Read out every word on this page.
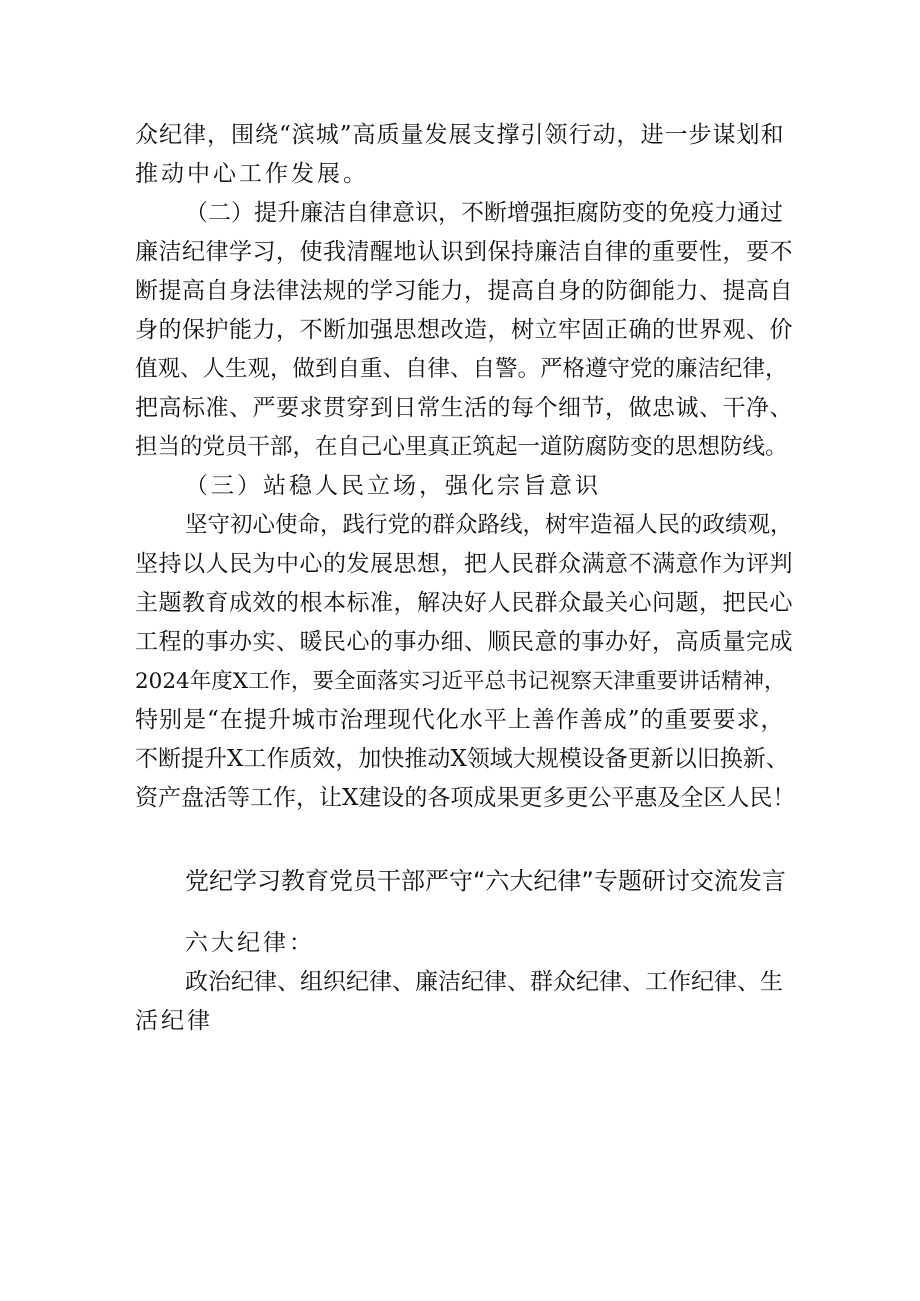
众纪律，围绕“滨城”高质量发展支撑引领行动，进一步谋划和

推动中心工作发展。

（二）提升廉洁自律意识，不断增强拒腐防变的免疫力通过

廉洁纪律学习，使我清醒地认识到保持廉洁自律的重要性，要不

断提高自身法律法规的学习能力，提高自身的防御能力、提高自

身的保护能力，不断加强思想改造，树立牢固正确的世界观、价

值观、人生观，做到自重、自律、自警。严格遵守党的廉洁纪律，

把高标准、严要求贯穿到日常生活的每个细节，做忠诚、干净、

担当的党员干部，在自己心里真正筑起一道防腐防变的思想防线。

（三）站稳人民立场，强化宗旨意识

坚守初心使命，践行党的群众路线，树牢造福人民的政绩观，

坚持以人民为中心的发展思想，把人民群众满意不满意作为评判

主题教育成效的根本标准，解决好人民群众最关心问题，把民心

工程的事办实、暖民心的事办细、顺民意的事办好，高质量完成

2024年度X工作，要全面落实习近平总书记视察天津重要讲话精神，

特别是“在提升城市治理现代化水平上善作善成”的重要要求，

不断提升X工作质效，加快推动X领域大规模设备更新以旧换新、

资产盘活等工作，让X建设的各项成果更多更公平惠及全区人民！

党纪学习教育党员干部严守“六大纪律”专题研讨交流发言

六大纪律：

政治纪律、组织纪律、廉洁纪律、群众纪律、工作纪律、生

活纪律
